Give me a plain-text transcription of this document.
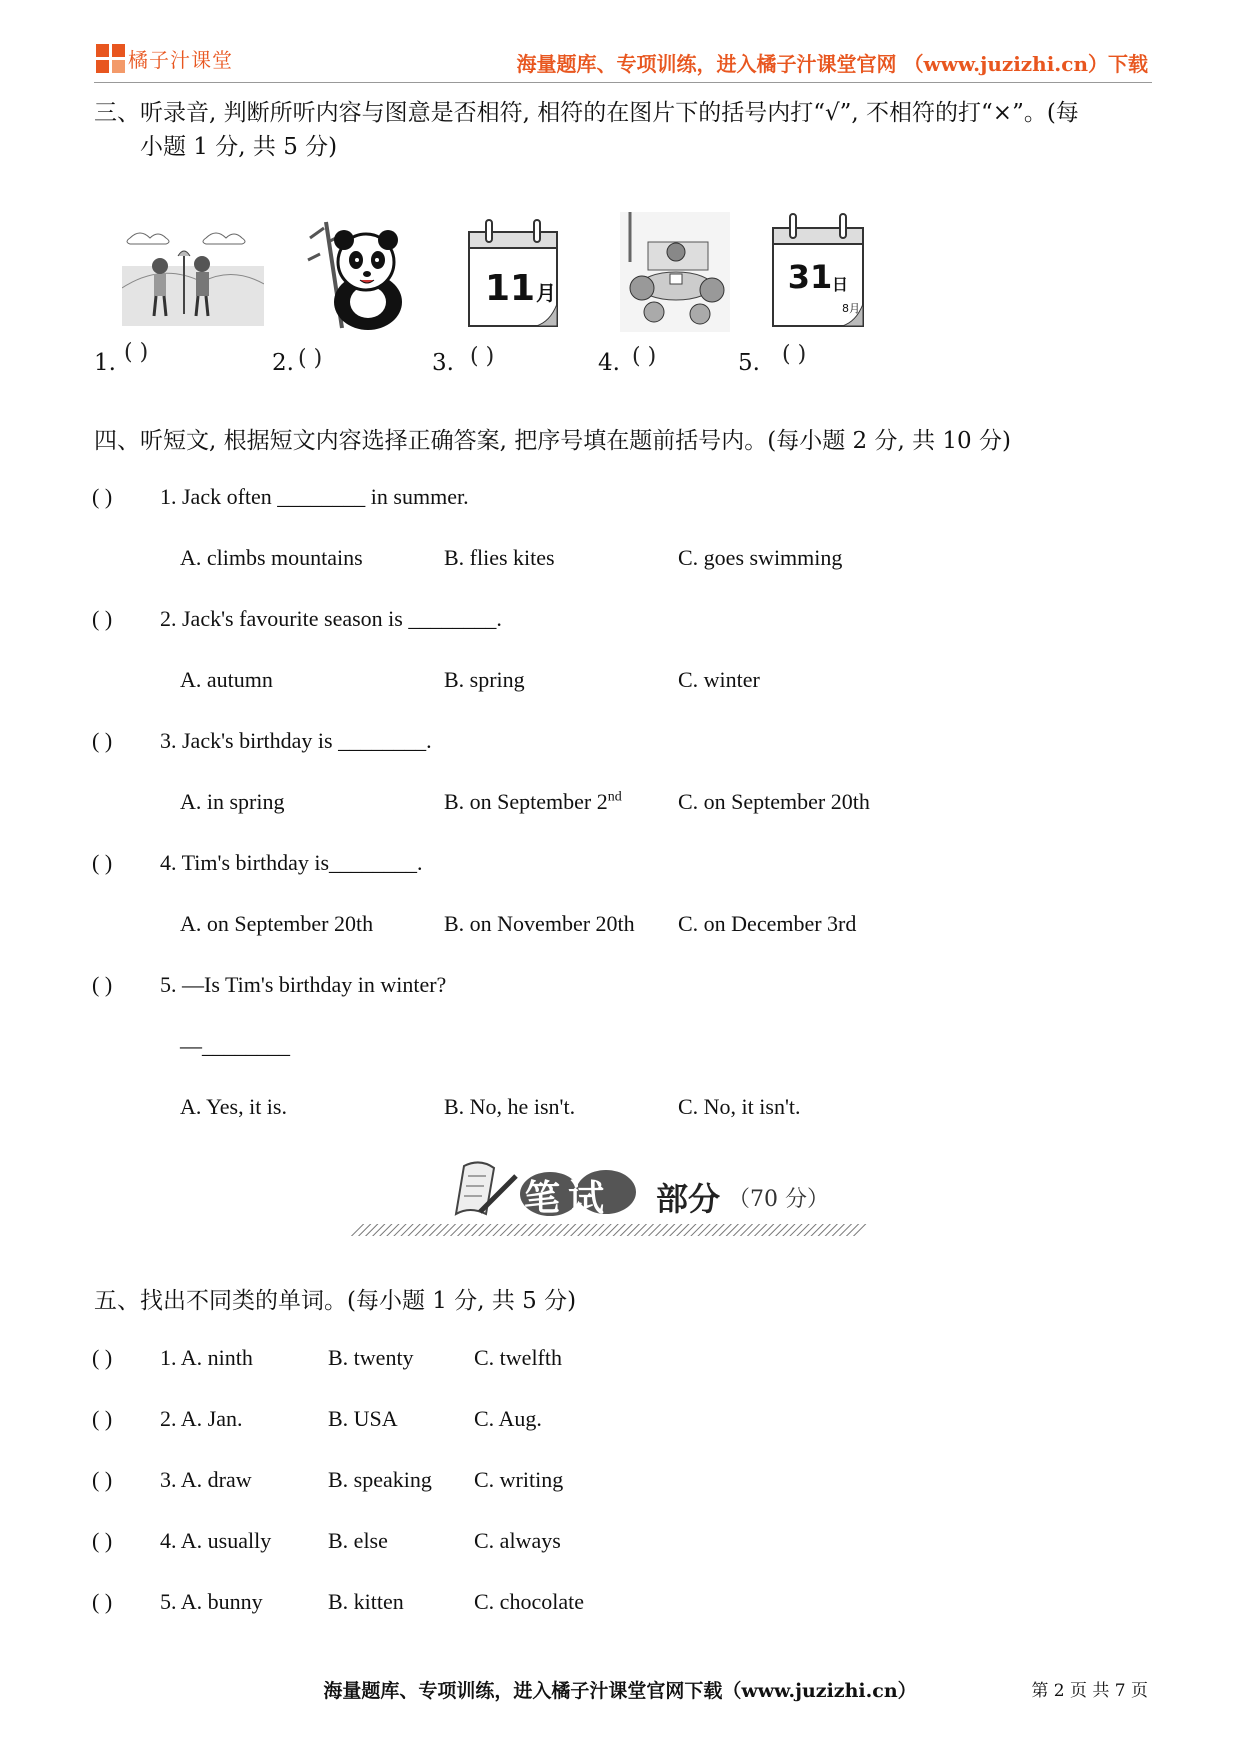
橘子汁课堂	海量题库、专项训练，进入橘子汁课堂官网 （www.juzizhi.cn）下载
三、听录音, 判断所听内容与图意是否相符, 相符的在图片下的括号内打“√”, 不相符的打“×”。(每
小题 1 分, 共 5 分)
11 月	31 日
8月
1. ( )	2. ( )	3. ( )	4. ( )	5. ( )
四、听短文, 根据短文内容选择正确答案, 把序号填在题前括号内。(每小题 2 分, 共 10 分)
( ) 1. Jack often ________ in summer.
A. climbs mountains	B. flies kites	C. goes swimming
( ) 2. Jack's favourite season is ________.
A. autumn	B. spring	C. winter
( ) 3. Jack's birthday is ________.
A. in spring	B. on September 2nd	C. on September 20th
( ) 4. Tim's birthday is________.
A. on September 20th	B. on November 20th C. on December 3rd
( ) 5. —Is Tim's birthday in winter?
—________
A. Yes, it is.	B. No, he isn't.	C. No, it isn't.
笔试 部分 （70 分）
五、找出不同类的单词。(每小题 1 分, 共 5 分)
( ) 1. A. ninth	B. twenty	C. twelfth
( ) 2. A. Jan.	B. USA	C. Aug.
( ) 3. A. draw	B. speaking C. writing
( ) 4. A. usually	B. else	C. always
( ) 5. A. bunny	B. kitten	C. chocolate
海量题库、专项训练，进入橘子汁课堂官网下载（www.juzizhi.cn）	第 2 页 共 7 页
